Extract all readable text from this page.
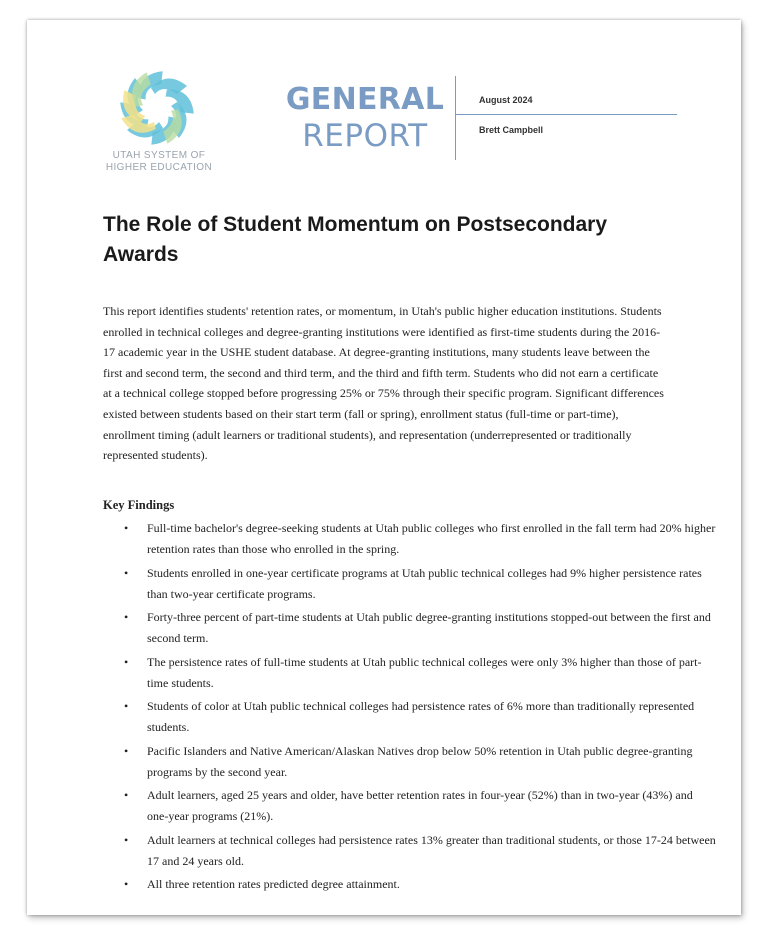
UTAH SYSTEM OF
HIGHER EDUCATION
GENERAL
REPORT
August 2024
Brett Campbell
The Role of Student Momentum on Postsecondary Awards

This report identifies students' retention rates, or momentum, in Utah's public higher education institutions. Students enrolled in technical colleges and degree-granting institutions were identified as first-time students during the 2016-17 academic year in the USHE student database. At degree-granting institutions, many students leave between the first and second term, the second and third term, and the third and fifth term. Students who did not earn a certificate at a technical college stopped before progressing 25% or 75% through their specific program. Significant differences existed between students based on their start term (fall or spring), enrollment status (full-time or part-time), enrollment timing (adult learners or traditional students), and representation (underrepresented or traditionally represented students).

Key Findings
• Full-time bachelor's degree-seeking students at Utah public colleges who first enrolled in the fall term had 20% higher retention rates than those who enrolled in the spring.
• Students enrolled in one-year certificate programs at Utah public technical colleges had 9% higher persistence rates than two-year certificate programs.
• Forty-three percent of part-time students at Utah public degree-granting institutions stopped-out between the first and second term.
• The persistence rates of full-time students at Utah public technical colleges were only 3% higher than those of part-time students.
• Students of color at Utah public technical colleges had persistence rates of 6% more than traditionally represented students.
• Pacific Islanders and Native American/Alaskan Natives drop below 50% retention in Utah public degree-granting programs by the second year.
• Adult learners, aged 25 years and older, have better retention rates in four-year (52%) than in two-year (43%) and one-year programs (21%).
• Adult learners at technical colleges had persistence rates 13% greater than traditional students, or those 17-24 between 17 and 24 years old.
• All three retention rates predicted degree attainment.
